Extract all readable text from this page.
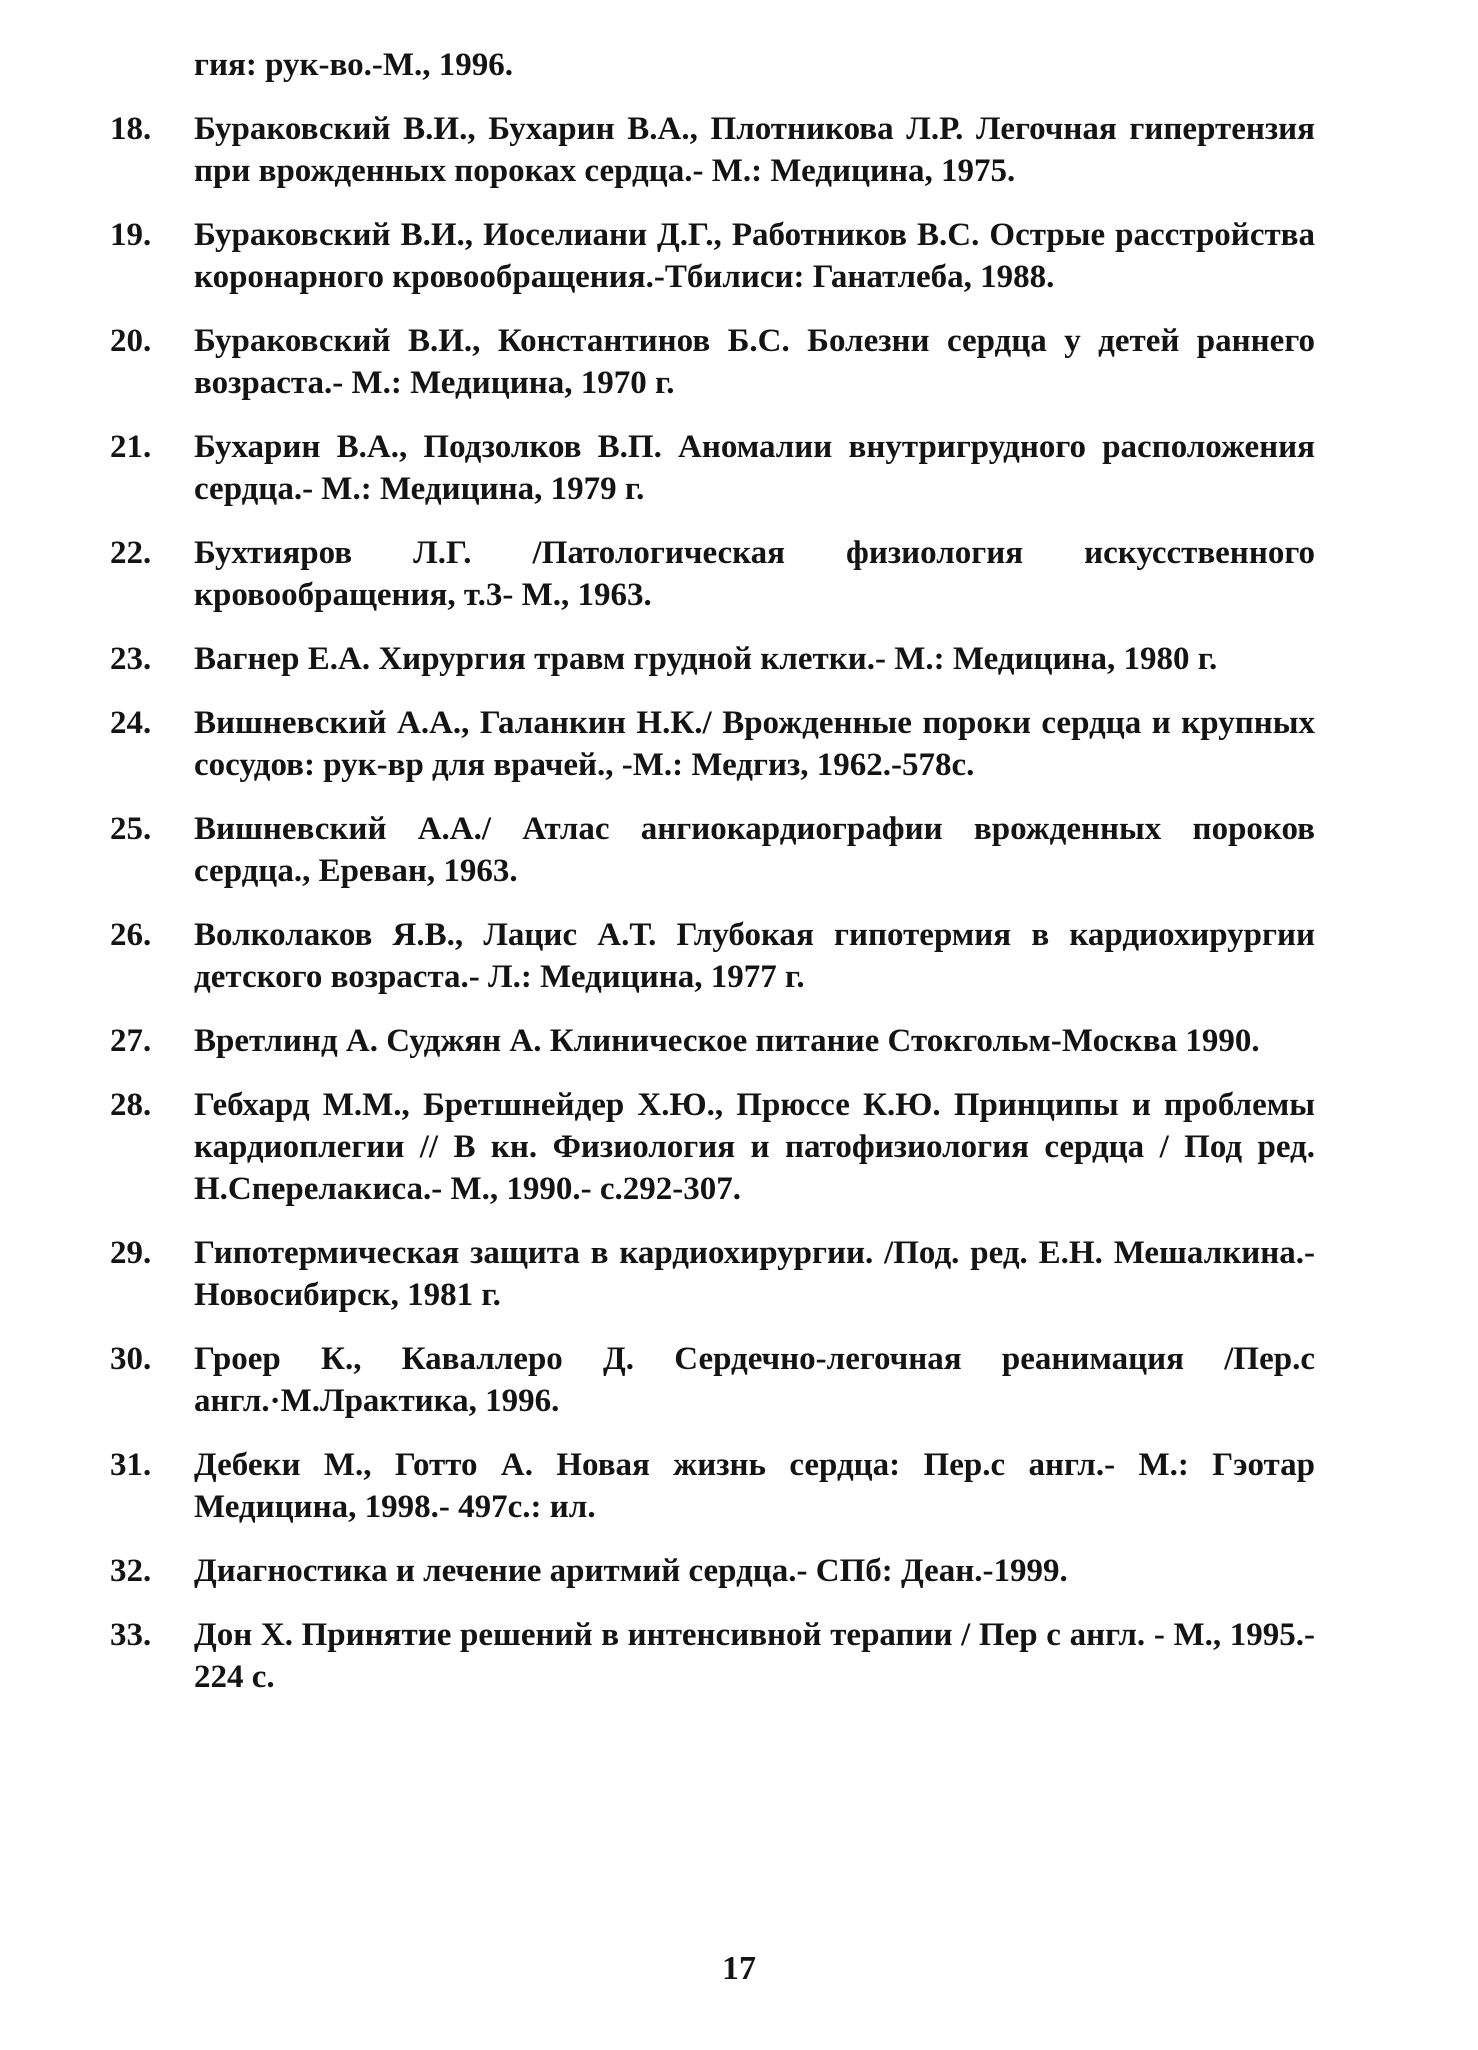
гия: рук-во.-М., 1996.
18.	Бураковский В.И., Бухарин В.А., Плотникова Л.Р. Легочная гипертензия при врожденных пороках сердца.- М.: Медицина, 1975.
19.	Бураковский В.И., Иоселиани Д.Г., Работников В.С. Острые расстройства коронарного кровообращения.-Тбилиси: Ганатлеба, 1988.
20.	Бураковский В.И., Константинов Б.С. Болезни сердца у детей раннего возраста.- М.: Медицина, 1970 г.
21.	Бухарин В.А., Подзолков В.П. Аномалии внутригрудного расположения сердца.- М.: Медицина, 1979 г.
22.	Бухтияров Л.Г. /Патологическая физиология искусственного кровообращения, т.3- М., 1963.
23.	Вагнер Е.А. Хирургия травм грудной клетки.- М.: Медицина, 1980 г.
24.	Вишневский А.А., Галанкин Н.К./ Врожденные пороки сердца и крупных сосудов: рук-вр для врачей., -М.: Медгиз, 1962.-578с.
25.	Вишневский А.А./ Атлас ангиокардиографии врожденных пороков сердца., Ереван, 1963.
26.	Волколаков Я.В., Лацис А.Т. Глубокая гипотермия в кардиохирургии детского возраста.- Л.: Медицина, 1977 г.
27.	Вретлинд А. Суджян А. Клиническое питание Стокгольм-Москва 1990.
28.	Гебхард М.М., Бретшнейдер Х.Ю., Прюссе К.Ю. Принципы и проблемы кардиоплегии // В кн. Физиология и патофизиология сердца / Под ред. Н.Сперелакиса.- М., 1990.- с.292-307.
29.	Гипотермическая защита в кардиохирургии. /Под. ред. Е.Н. Мешалкина.- Новосибирск, 1981 г.
30.	Гроер К., Каваллеро Д. Сердечно-легочная реанимация /Пер.с англ.·М.Лрактика, 1996.
31.	Дебеки М., Готто А. Новая жизнь сердца: Пер.с англ.- М.: Гэотар Медицина, 1998.- 497с.: ил.
32.	Диагностика и лечение аритмий сердца.- СПб: Деан.-1999.
33.	Дон Х. Принятие решений в интенсивной терапии / Пер с англ. - М., 1995.- 224 с.
17
